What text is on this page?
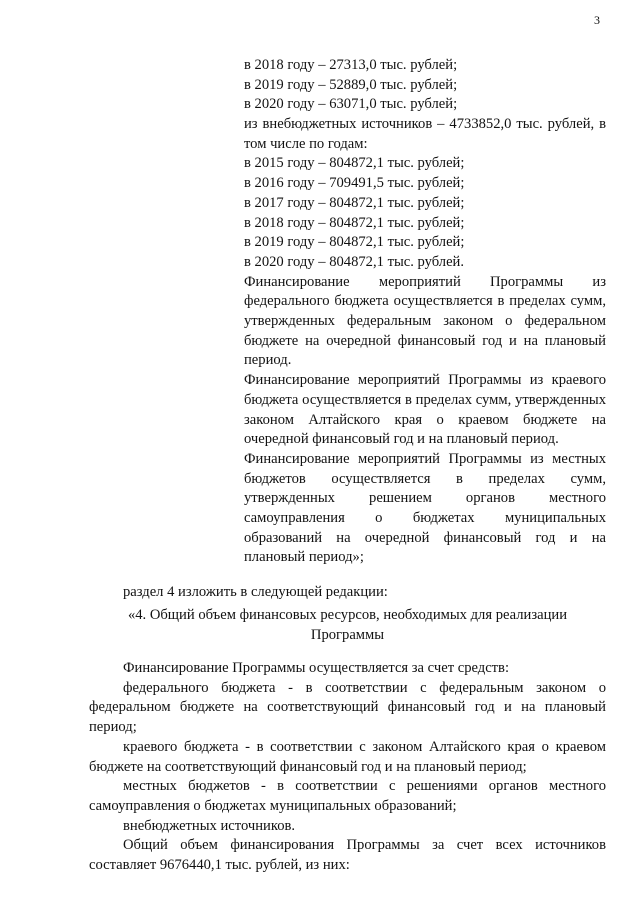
3
в 2018 году – 27313,0 тыс. рублей;
в 2019 году – 52889,0 тыс. рублей;
в 2020 году – 63071,0 тыс. рублей;
из внебюджетных источников – 4733852,0 тыс. рублей, в том числе по годам:
в 2015 году – 804872,1 тыс. рублей;
в 2016 году – 709491,5 тыс. рублей;
в 2017 году – 804872,1 тыс. рублей;
в 2018 году – 804872,1 тыс. рублей;
в 2019 году – 804872,1 тыс. рублей;
в 2020 году – 804872,1 тыс. рублей.
Финансирование мероприятий Программы из федерального бюджета осуществляется в пределах сумм, утвержденных федеральным законом о федеральном бюджете на очередной финансовый год и на плановый период.
Финансирование мероприятий Программы из краевого бюджета осуществляется в пределах сумм, утвержденных законом Алтайского края о краевом бюджете на очередной финансовый год и на плановый период.
Финансирование мероприятий Программы из местных бюджетов осуществляется в пределах сумм, утвержденных решением органов местного самоуправления о бюджетах муниципальных образований на очередной финансовый год и на плановый период»;
раздел 4 изложить в следующей редакции:
«4. Общий объем финансовых ресурсов, необходимых для реализации
Программы

Финансирование Программы осуществляется за счет средств:

федерального бюджета - в соответствии с федеральным законом о федеральном бюджете на соответствующий финансовый год и на плановый период;

краевого бюджета - в соответствии с законом Алтайского края о краевом бюджете на соответствующий финансовый год и на плановый период;

местных бюджетов - в соответствии с решениями органов местного самоуправления о бюджетах муниципальных образований;

внебюджетных источников.

Общий объем финансирования Программы за счет всех источников составляет 9676440,1 тыс. рублей, из них:
